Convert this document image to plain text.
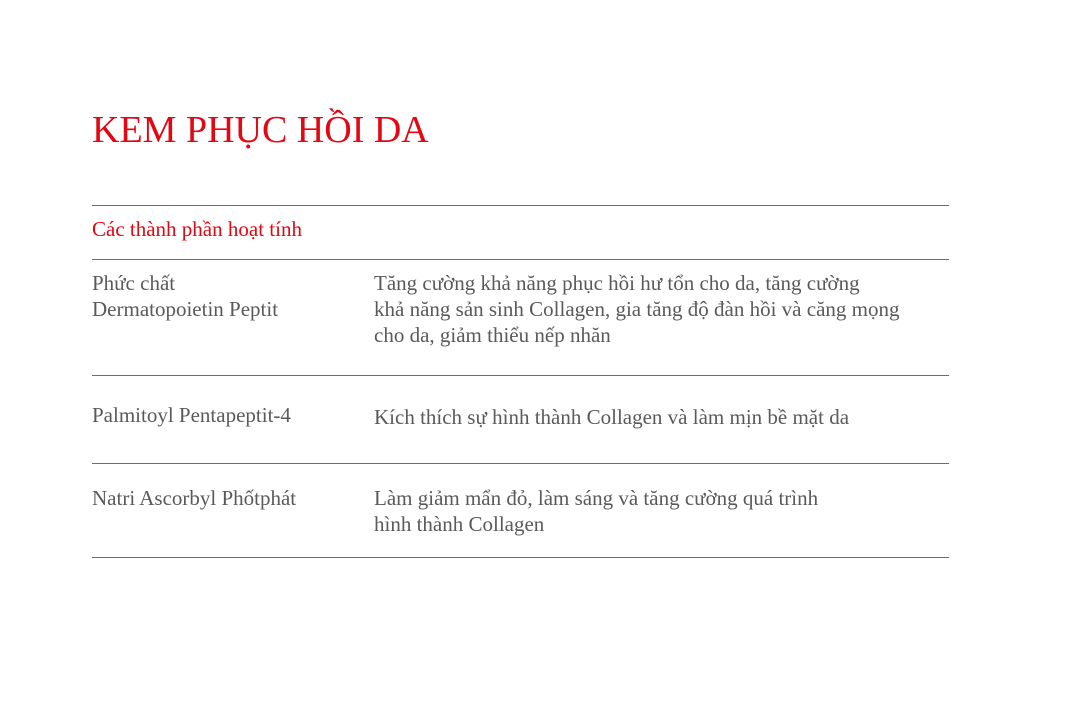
KEM PHỤC HỒI DA
Các thành phần hoạt tính
Phức chất
Dermatopoietin Peptit
Tăng cường khả năng phục hồi hư tổn cho da, tăng cường
khả năng sản sinh Collagen, gia tăng độ đàn hồi và căng mọng
cho da, giảm thiểu nếp nhăn
Palmitoyl Pentapeptit-4	Kích thích sự hình thành Collagen và làm mịn bề mặt da
Natri Ascorbyl Phốtphát	Làm giảm mẩn đỏ, làm sáng và tăng cường quá trình
hình thành Collagen
